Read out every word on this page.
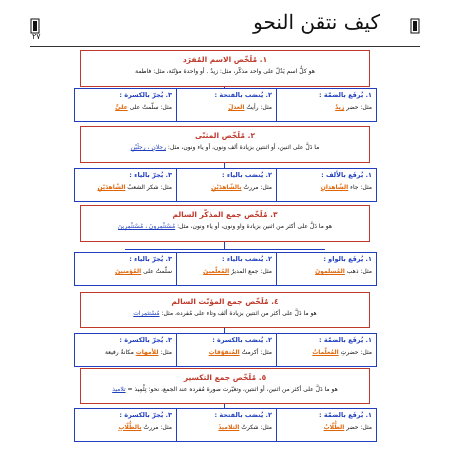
كيف نتقن النحو
٢٧
١. مُلَخّص الاسم المُفرَد
هو كلُّ اسم يَدُلّ على واحد مذكّر، مثل: زيدٌ . أو واحدة مؤنّثة، مثل: فاطمة
١. يُرفَع بالضمّة :
مثل: حضر زيدٌ
٢. يُنصَب بالفتحة :
مثل: رأيتُ العدلَ
٣. يُجرّ بالكسرة :
مثل: سلّمتُ على عليٍّ
٢. مُلَخّص المثنّى
ما دَلَّ على اثنين، أو اثنتين بزيادة ألف ونون، أو ياء ونون، مثل: رجلانِ ، رجلَيْنِ
١. يُرفَع بالألف :
مثل: جاء الشّاهدانِ
٢. يُنصَب بالياء :
مثل: مررتُ بالشّاهدَيْنِ
٣. يُجرّ بالياء :
مثل: شكر الشعبُ الشّاهدَيْنِ
٣. مُلَخّص جمع المذكّر السالم
هو ما دَلَّ على أكثر من اثنين بزيادة واو ونون، أو ياء ونون، مثل: مُسْتثْمِرونَ ، مُسْتثْمِرِينَ
١. يُرفَع بالواو :
مثل: ذهب المُسلمونَ
٢. يُنصَب بالياء :
مثل: جمع المديرُ المُعلّمينَ
٣. يُجرّ بالياء :
سلّمتُ على المُؤمنينَ
٤. مُلَخّص جمع المؤنّث السالم
هو ما دَلَّ على أكثر من اثنتين بزيادة ألف وتاء على مُفرده، مثل: مُسْتثمِرات
١. يُرفَع بالضمّة :
مثل: حضرتِ المُعلّماتُ
٢. يُنصَب بالكسرة :
مثل: أكرمتُ المُتفوّقاتِ
٣. يُجرّ بالكسرة :
مثل: للأمهاتِ مكانةٌ رفيعة
٥. مُلَخّص جمع التكسير
هو ما دَلَّ على أكثر من اثنين، أو اثنتين، وتغيّرت صورة مُفرده عند الجمع، نحو: تِلْمِيذ = تلاميذ
١. يُرفَع بالضمّة :
مثل: حضر الطُّلّابُ
٢. يُنصَب بالفتحة :
مثل: شكرتُ التلاميذَ
٣. يُجرّ بالكسرة :
مثل: مررتُ بالطُّلّابِ
